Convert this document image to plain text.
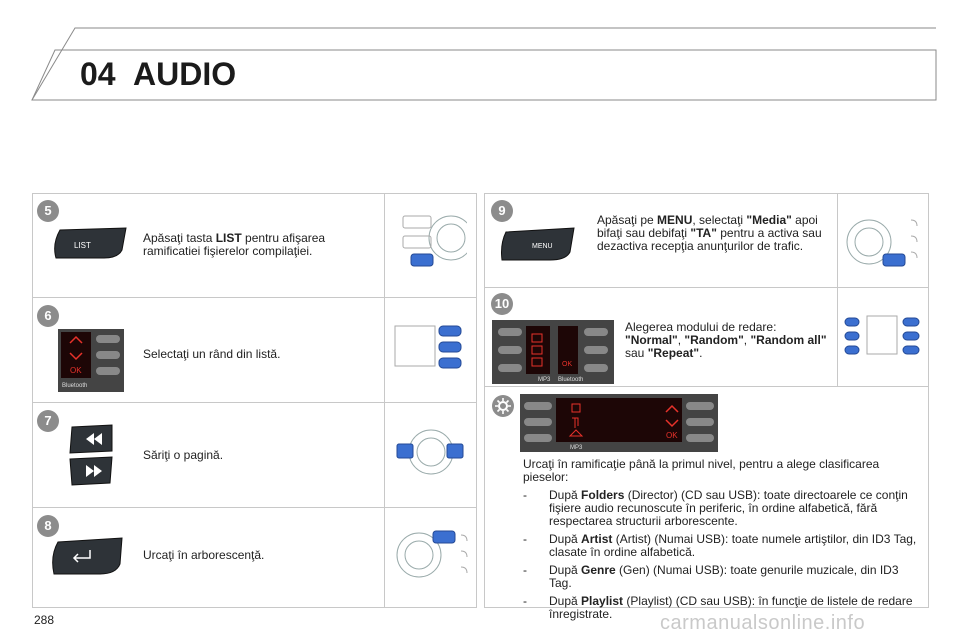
04 AUDIO
5
LIST
Apăsaţi tasta LIST pentru afişarea ramificatiei fişierelor compilaţiei.
6
OK
Bluetooth
Selectaţi un rând din listă.
7
Săriţi o pagină.
8
Urcaţi în arborescenţă.
9
MENU
Apăsaţi pe MENU, selectaţi "Media" apoi bifaţi sau debifaţi "TA" pentru a activa sau dezactiva recepţia anunţurilor de trafic.
10
OK
MP3 Bluetooth
Alegerea modului de redare: "Normal", "Random", "Random all" sau "Repeat".
OK
MP3
Urcaţi în ramificaţie până la primul nivel, pentru a alege clasificarea pieselor:
- După Folders (Director) (CD sau USB): toate directoarele ce conţin fişiere audio recunoscute în periferic, în ordine alfabetică, fără respectarea structurii arborescente.
- După Artist (Artist) (Numai USB): toate numele artiştilor, din ID3 Tag, clasate în ordine alfabetică.
- După Genre (Gen) (Numai USB): toate genurile muzicale, din ID3 Tag.
- După Playlist (Playlist) (CD sau USB): în funcţie de listele de redare înregistrate.
288	carmanualsonline.info
